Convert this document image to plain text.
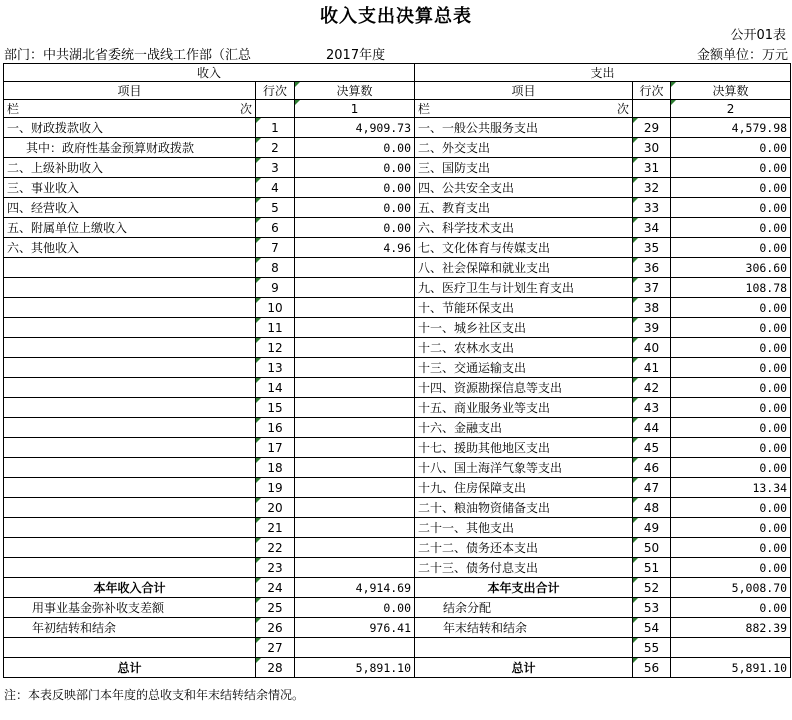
收入支出决算总表
公开01表
部门：中共湖北省委统一战线工作部（汇总	2017年度	金额单位：万元
收入			支出		
项目	行次	决算数	项目	行次	决算数

栏 次		1	栏 次		2
一、财政拨款收入	1	4,909.73	一、一般公共服务支出	29	4,579.98
其中：政府性基金预算财政拨款	2	0.00	二、外交支出	30	0.00
二、上级补助收入	3	0.00	三、国防支出	31	0.00
三、事业收入	4	0.00	四、公共安全支出	32	0.00
四、经营收入	5	0.00	五、教育支出	33	0.00
五、附属单位上缴收入	6	0.00	六、科学技术支出	34	0.00
六、其他收入	7	4.96	七、文化体育与传媒支出	35	0.00
	8		八、社会保障和就业支出	36	306.60
	9		九、医疗卫生与计划生育支出	37	108.78
	10		十、节能环保支出	38	0.00
	11		十一、城乡社区支出	39	0.00
	12		十二、农林水支出	40	0.00
	13		十三、交通运输支出	41	0.00
	14		十四、资源勘探信息等支出	42	0.00
	15		十五、商业服务业等支出	43	0.00
	16		十六、金融支出	44	0.00
	17		十七、援助其他地区支出	45	0.00
	18		十八、国土海洋气象等支出	46	0.00
	19		十九、住房保障支出	47	13.34
	20		二十、粮油物资储备支出	48	0.00
	21		二十一、其他支出	49	0.00
	22		二十二、债务还本支出	50	0.00
	23		二十三、债务付息支出	51	0.00
本年收入合计	24	4,914.69	本年支出合计	52	5,008.70
用事业基金弥补收支差额	25	0.00	结余分配	53	0.00
年初结转和结余	26	976.41	年末结转和结余	54	882.39
	27			55	
总计	28	5,891.10	总计	56	5,891.10
注：本表反映部门本年度的总收支和年末结转结余情况。
